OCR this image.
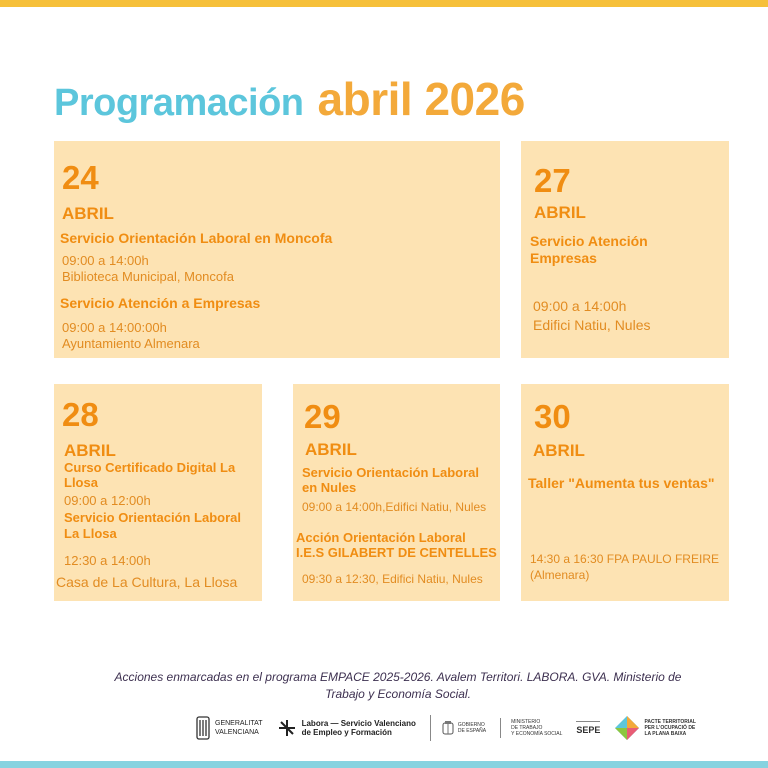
Programación abril 2026
24
ABRIL
Servicio Orientación Laboral en Moncofa
09:00 a 14:00h
Biblioteca Municipal, Moncofa
Servicio Atención a Empresas
09:00 a 14:00:00h
Ayuntamiento Almenara
27
ABRIL
Servicio Atención
Empresas
09:00 a 14:00h
Edifici Natiu, Nules
28
ABRIL
Curso Certificado Digital La
Llosa
09:00 a 12:00h
Servicio Orientación Laboral
La Llosa
12:30 a 14:00h
Casa de La Cultura, La Llosa
29
ABRIL
Servicio Orientación Laboral
en Nules
09:00 a 14:00h,Edifici Natiu, Nules
Acción Orientación Laboral
I.E.S GILABERT DE CENTELLES
09:30 a 12:30, Edifici Natiu, Nules
30
ABRIL
Taller "Aumenta tus ventas"
14:30 a 16:30 FPA PAULO FREIRE
(Almenara)
Acciones enmarcadas en el programa EMPACE 2025-2026. Avalem Territori. LABORA. GVA. Ministerio de
Trabajo y Economía Social.
GENERALITAT
VALENCIANA
Labora — Servicio Valenciano
de Empleo y Formación
GOBIERNO
DE ESPAÑA
MINISTERIO
DE TRABAJO
Y ECONOMÍA SOCIAL SEPE
PACTE TERRITORIAL
PER L'OCUPACIÓ DE
LA PLANA BAIXA
